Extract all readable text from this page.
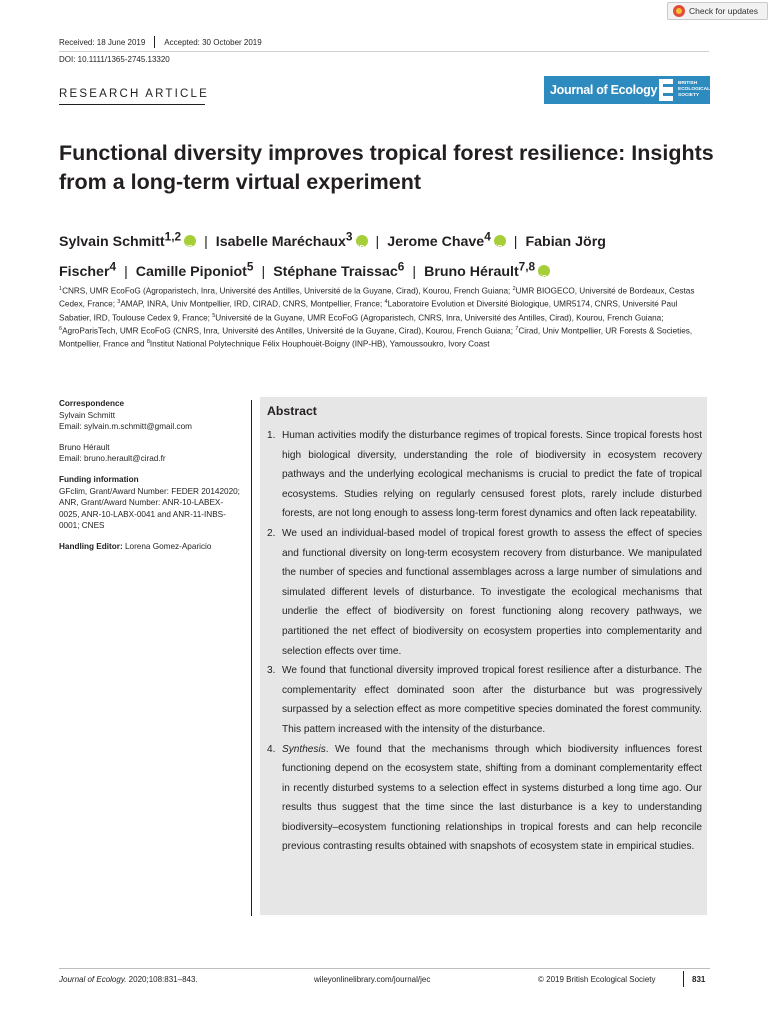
Check for updates
Received: 18 June 2019 Accepted: 30 October 2019
DOI: 10.1111/1365-2745.13320
RESEARCH ARTICLE	Journal of Ecology	BRITISH
ECOLOGICAL
SOCIETY
Functional diversity improves tropical forest resilience: Insights from a long-term virtual experiment
Sylvain Schmitt$^{1,2}$ iD | Isabelle Maréchaux$^3$ iD | Jerome Chave$^4$ iD | Fabian Jörg Fischer$^4$ | Camille Piponiot$^5$ | Stéphane Traissac$^6$ | Bruno Hérault$^{7,8}$iD
$^1$CNRS, UMR EcoFoG (Agroparistech, Inra, Université des Antilles, Université de la Guyane, Cirad), Kourou, French Guiana; $^2$UMR BIOGECO, Université de Bordeaux, Cestas Cedex, France; $^3$AMAP, INRA, Univ Montpellier, IRD, CIRAD, CNRS, Montpellier, France; $^4$Laboratoire Evolution et Diversité Biologique, UMR5174, CNRS, Université Paul Sabatier, IRD, Toulouse Cedex 9, France; $^5$Université de la Guyane, UMR EcoFoG (Agroparistech, CNRS, Inra, Université des Antilles, Cirad), Kourou, French Guiana; $^6$AgroParisTech, UMR EcoFoG (CNRS, Inra, Université des Antilles, Université de la Guyane, Cirad), Kourou, French Guiana; $^7$Cirad, Univ Montpellier, UR Forests & Societies, Montpellier, France and $^8$Institut National Polytechnique Félix Houphouët-Boigny (INP-HB), Yamoussoukro, Ivory Coast
Correspondence
Sylvain Schmitt
Email: sylvain.m.schmitt@gmail.com
Bruno Hérault
Email: bruno.herault@cirad.fr
Funding information
GFclim, Grant/Award Number: FEDER 20142020; ANR, Grant/Award Number: ANR-10-LABEX-0025, ANR-10-LABX-0041 and ANR-11-INBS-0001; CNES
Handling Editor: Lorena Gomez-Aparicio
Abstract
1. Human activities modify the disturbance regimes of tropical forests. Since tropical forests host high biological diversity, understanding the role of biodiversity in ecosystem recovery pathways and the underlying ecological mechanisms is crucial to predict the fate of tropical ecosystems. Studies relying on regularly censused forest plots, rarely include disturbed forests, are not long enough to assess long-term forest dynamics and often lack repeatability.
2. We used an individual-based model of tropical forest growth to assess the effect of species and functional diversity on long-term ecosystem recovery from disturbance. We manipulated the number of species and functional assemblages across a large number of simulations and simulated different levels of disturbance. To investigate the ecological mechanisms that underlie the effect of biodiversity on forest functioning along recovery pathways, we partitioned the net effect of biodiversity on ecosystem properties into complementarity and selection effects over time.
3. We found that functional diversity improved tropical forest resilience after a disturbance. The complementarity effect dominated soon after the disturbance but was progressively surpassed by a selection effect as more competitive species dominated the forest community. This pattern increased with the intensity of the disturbance.
4. Synthesis. We found that the mechanisms through which biodiversity influences forest functioning depend on the ecosystem state, shifting from a dominant complementarity effect in recently disturbed systems to a selection effect in systems disturbed a long time ago. Our results thus suggest that the time since the last disturbance is a key to understanding biodiversity–ecosystem functioning relationships in tropical forests and can help reconcile previous contrasting results obtained with snapshots of ecosystem state in empirical studies.
Journal of Ecology. 2020;108:831–843.	wileyonlinelibrary.com/journal/jec	© 2019 British Ecological Society	831
